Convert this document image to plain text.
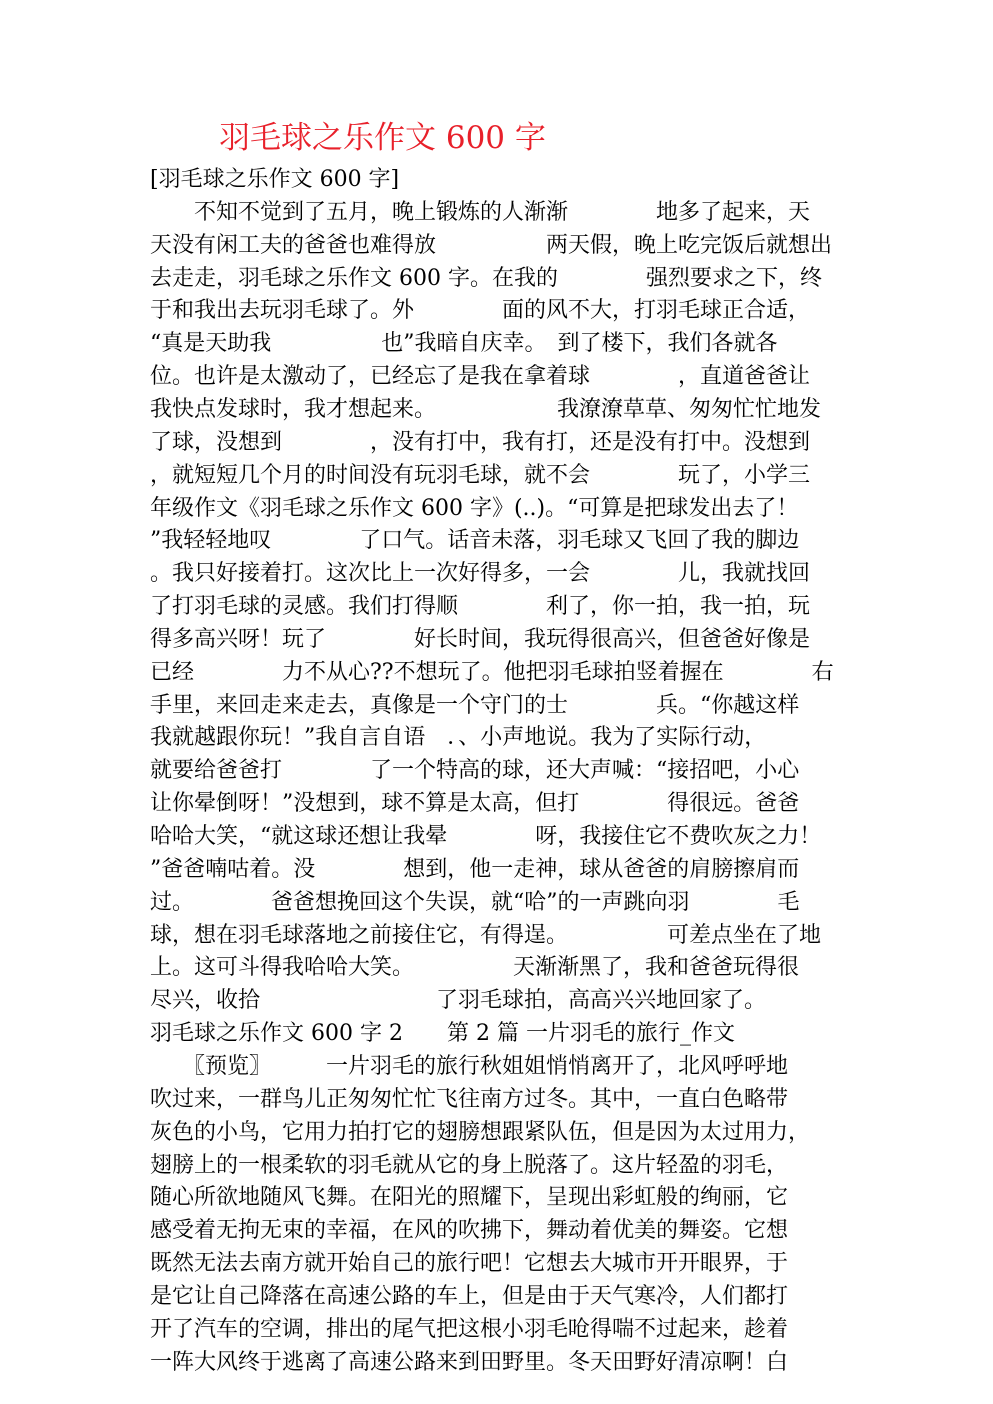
羽毛球之乐作文 600 字
[羽毛球之乐作文 600 字]
　　不知不觉到了五月，晚上锻炼的人渐渐　　　　地多了起来，天
天没有闲工夫的爸爸也难得放　　　　　两天假，晚上吃完饭后就想出
去走走，羽毛球之乐作文 600 字。在我的　　　　强烈要求之下，终
于和我出去玩羽毛球了。外　　　　面的风不大，打羽毛球正合适，
“真是天助我　　　　　也”我暗自庆幸。　到了楼下，我们各就各
位。也许是太激动了，已经忘了是我在拿着球　　　　，直道爸爸让
我快点发球时，我才想起来。　　　　　　我潦潦草草、匆匆忙忙地发
了球，没想到　　　　，没有打中，我有打，还是没有打中。没想到
，就短短几个月的时间没有玩羽毛球，就不会　　　　玩了，小学三
年级作文《羽毛球之乐作文 600 字》(..)。“可算是把球发出去了！
”我轻轻地叹　　　　了口气。话音未落，羽毛球又飞回了我的脚边
。我只好接着打。这次比上一次好得多，一会　　　　儿，我就找回
了打羽毛球的灵感。我们打得顺　　　　利了，你一拍，我一拍，玩
得多高兴呀！玩了　　　　好长时间，我玩得很高兴，但爸爸好像是
已经　　　　力不从心??不想玩了。他把羽毛球拍竖着握在　　　　右
手里，来回走来走去，真像是一个守门的士　　　　兵。“你越这样
我就越跟你玩！”我自言自语　．、小声地说。我为了实际行动，
就要给爸爸打　　　　了一个特高的球，还大声喊：“接招吧，小心
让你晕倒呀！”没想到，球不算是太高，但打　　　　得很远。爸爸
哈哈大笑，“就这球还想让我晕　　　　呀，我接住它不费吹灰之力！
”爸爸喃咕着。没　　　　想到，他一走神，球从爸爸的肩膀擦肩而
过。　　　　爸爸想挽回这个失误，就“哈”的一声跳向羽　　　　毛
球，想在羽毛球落地之前接住它，有得逞。　　　　　可差点坐在了地
上。这可斗得我哈哈大笑。　　　　　天渐渐黑了，我和爸爸玩得很
尽兴，收拾　　　　　　　　了羽毛球拍，高高兴兴地回家了。
羽毛球之乐作文 600 字 2　　第 2 篇 一片羽毛的旅行_作文
　　〖预览〗　　　一片羽毛的旅行秋姐姐悄悄离开了，北风呼呼地
吹过来，一群鸟儿正匆匆忙忙飞往南方过冬。其中，一直白色略带
灰色的小鸟，它用力拍打它的翅膀想跟紧队伍，但是因为太过用力，
翅膀上的一根柔软的羽毛就从它的身上脱落了。这片轻盈的羽毛，
随心所欲地随风飞舞。在阳光的照耀下，呈现出彩虹般的绚丽，它
感受着无拘无束的幸福，在风的吹拂下，舞动着优美的舞姿。它想
既然无法去南方就开始自己的旅行吧！它想去大城市开开眼界，于
是它让自己降落在高速公路的车上，但是由于天气寒冷，人们都打
开了汽车的空调，排出的尾气把这根小羽毛呛得喘不过起来，趁着
一阵大风终于逃离了高速公路来到田野里。冬天田野好清凉啊！白
